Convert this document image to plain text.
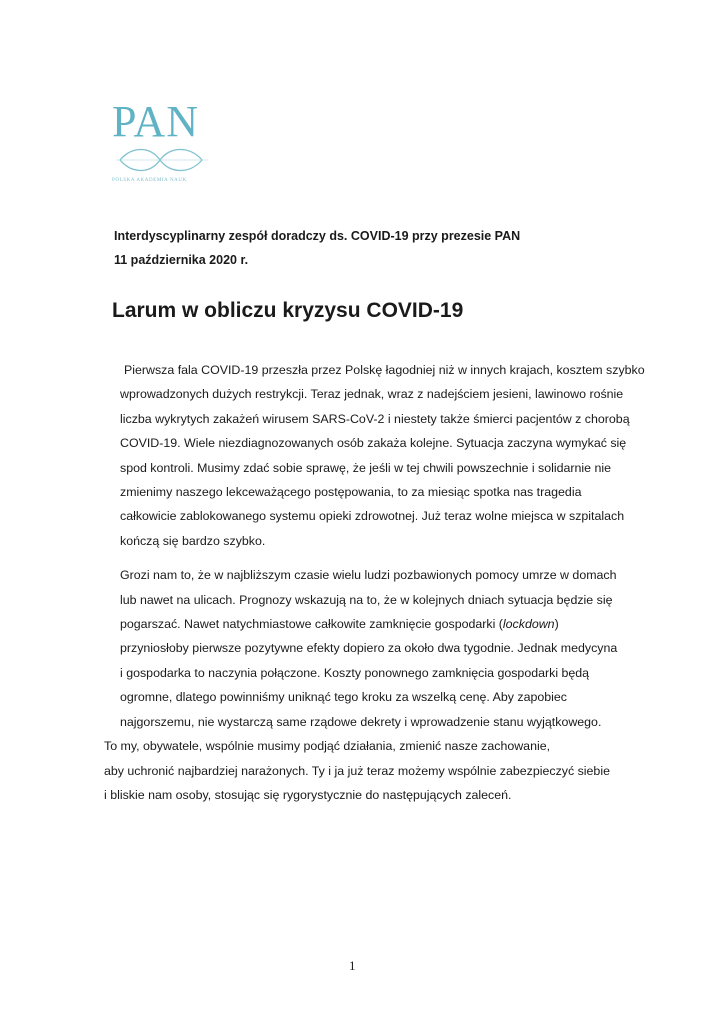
PAN
POLSKA AKADEMIA NAUK
Interdyscyplinarny zespół doradczy ds. COVID-19 przy prezesie PAN
11 października 2020 r.
Larum w obliczu kryzysu COVID-19

Pierwsza fala COVID-19 przeszła przez Polskę łagodniej niż w innych krajach, kosztem szybko
wprowadzonych dużych restrykcji. Teraz jednak, wraz z nadejściem jesieni, lawinowo rośnie
liczba wykrytych zakażeń wirusem SARS-CoV-2 i niestety także śmierci pacjentów z chorobą
COVID-19. Wiele niezdiagnozowanych osób zakaża kolejne. Sytuacja zaczyna wymykać się
spod kontroli. Musimy zdać sobie sprawę, że jeśli w tej chwili powszechnie i solidarnie nie
zmienimy naszego lekceważącego postępowania, to za miesiąc spotka nas tragedia
całkowicie zablokowanego systemu opieki zdrowotnej. Już teraz wolne miejsca w szpitalach
kończą się bardzo szybko.

Grozi nam to, że w najbliższym czasie wielu ludzi pozbawionych pomocy umrze w domach
lub nawet na ulicach. Prognozy wskazują na to, że w kolejnych dniach sytuacja będzie się
pogarszać. Nawet natychmiastowe całkowite zamknięcie gospodarki (lockdown)
przyniosłoby pierwsze pozytywne efekty dopiero za około dwa tygodnie. Jednak medycyna
i gospodarka to naczynia połączone. Koszty ponownego zamknięcia gospodarki będą
ogromne, dlatego powinniśmy uniknąć tego kroku za wszelką cenę. Aby zapobiec
najgorszemu, nie wystarczą same rządowe dekrety i wprowadzenie stanu wyjątkowego.
To my, obywatele, wspólnie musimy podjąć działania, zmienić nasze zachowanie,
aby uchronić najbardziej narażonych. Ty i ja już teraz możemy wspólnie zabezpieczyć siebie
i bliskie nam osoby, stosując się rygorystycznie do następujących zaleceń.

1
